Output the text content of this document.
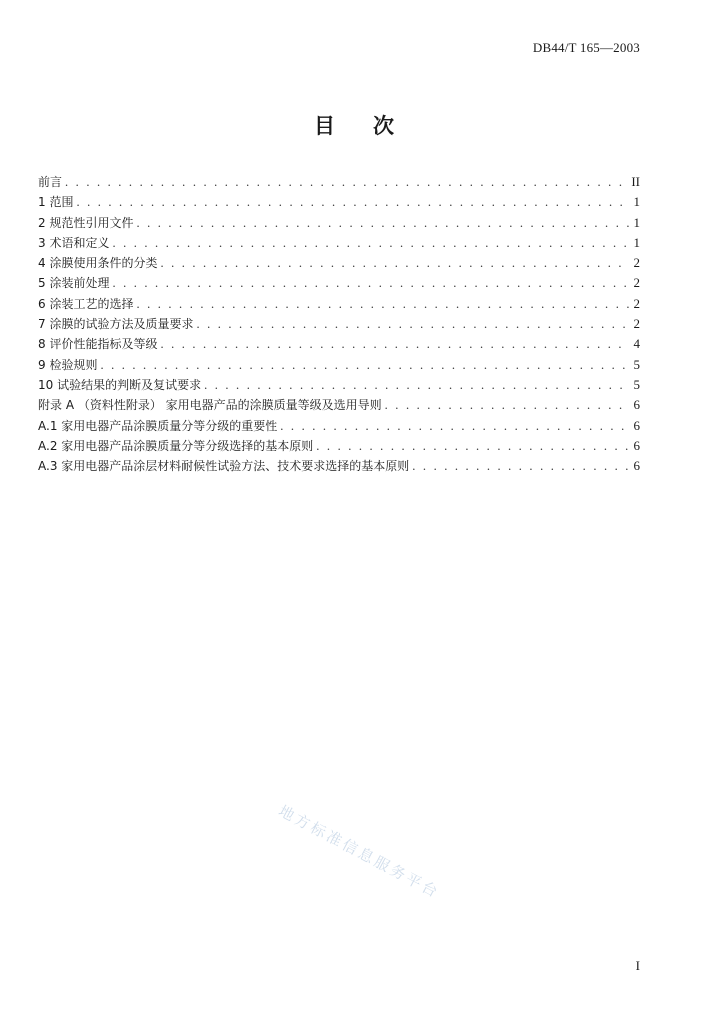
DB44/T 165—2003
目 次
前言 . . .	II
1 范围 . . .	1
2 规范性引用文件 . . .	1
3 术语和定义 . . .	1
4 涂膜使用条件的分类 . . .	2
5 涂装前处理 . . .	2
6 涂装工艺的选择 . . .	2
7 涂膜的试验方法及质量要求 . . .	2
8 评价性能指标及等级 . . .	4
9 检验规则 . . .	5
10 试验结果的判断及复试要求 . . .	5
附录 A （资料性附录） 家用电器产品的涂膜质量等级及选用导则 . . .	6
A.1 家用电器产品涂膜质量分等分级的重要性 . . .	6
A.2 家用电器产品涂膜质量分等分级选择的基本原则 . . .	6
A.3 家用电器产品涂层材料耐候性试验方法、技术要求选择的基本原则 . . .	6
地方标准信息服务平台
I
